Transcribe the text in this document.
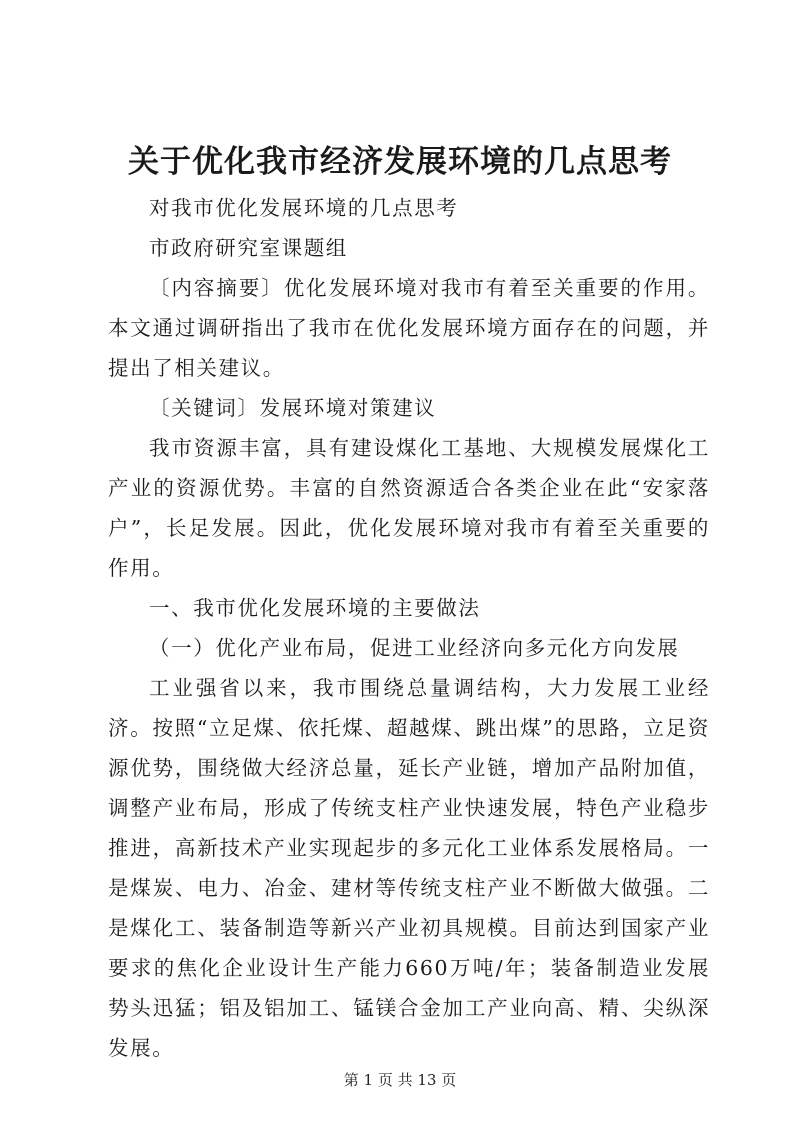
关于优化我市经济发展环境的几点思考

对我市优化发展环境的几点思考

市政府研究室课题组

〔内容摘要〕优化发展环境对我市有着至关重要的作用。本文通过调研指出了我市在优化发展环境方面存在的问题，并提出了相关建议。

〔关键词〕发展环境对策建议

我市资源丰富，具有建设煤化工基地、大规模发展煤化工产业的资源优势。丰富的自然资源适合各类企业在此“安家落户”，长足发展。因此，优化发展环境对我市有着至关重要的作用。

一、我市优化发展环境的主要做法

（一）优化产业布局，促进工业经济向多元化方向发展

工业强省以来，我市围绕总量调结构，大力发展工业经济。按照“立足煤、依托煤、超越煤、跳出煤”的思路，立足资源优势，围绕做大经济总量，延长产业链，增加产品附加值，调整产业布局，形成了传统支柱产业快速发展，特色产业稳步推进，高新技术产业实现起步的多元化工业体系发展格局。一是煤炭、电力、冶金、建材等传统支柱产业不断做大做强。二是煤化工、装备制造等新兴产业初具规模。目前达到国家产业要求的焦化企业设计生产能力660万吨/年；装备制造业发展势头迅猛；铝及铝加工、锰镁合金加工产业向高、精、尖纵深发展。

第 1 页 共 13 页
